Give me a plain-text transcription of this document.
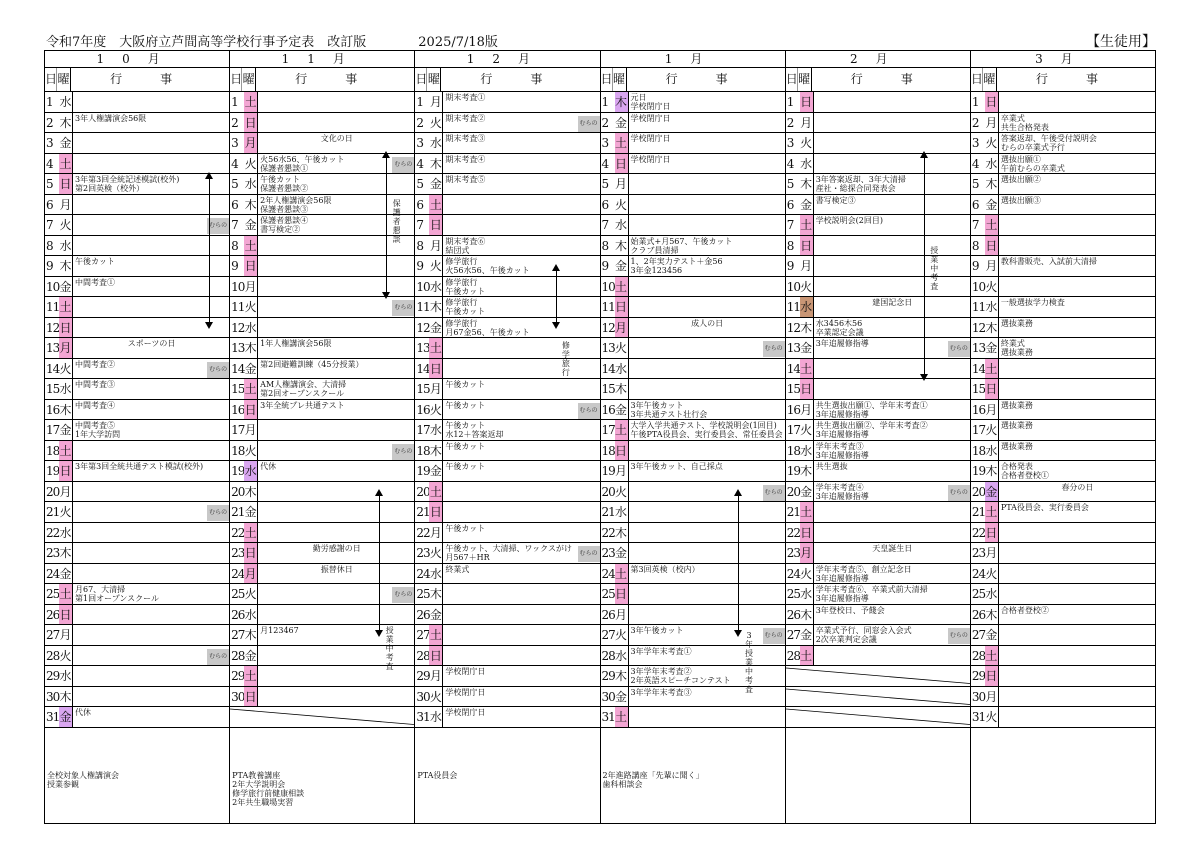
令和7年度　大阪府立芦間高等学校行事予定表　改訂版　　　　2025/7/18版	【生徒用】
10月
日 曜	行事
1 水
2 木 3年人権講演会56限
3 金
4 土
5 日 3年第3回全統記述模試(校外)
第2回英検（校外）
6 月
7 火	むらの
8 水
9 木 午後カット
10 金 中間考査①
11 土
12 日
13 月	スポーツの日
14 火 中間考査②
むらの
15 水 中間考査③
16 木 中間考査④
17 金 中間考査⑤
1年大学訪問
18 土
19 日 3年第3回全統共通テスト模試(校外)
20 月
21 火	むらの
22 水
23 木
24 金
25 土 月67、大清掃
第1回オープンスクール
26 日
27 月
28 火	むらの
29 水
30 木
31 金 代休
全校対象人権講演会
授業参観
11月
日 曜	行事
1 土
2 日
3 月	文化の日
4 火 火56水56、午後カット
保護者懇談①	むらの
5 水 午後カット
保護者懇談②
6 木 2年人権講演会56限
保護者懇談③
7 金 保護者懇談④
書写検定②
8 土
9 日
10 月
11 火	むらの
12 水
13 木 1年人権講演会56限
14 金 第2回避難訓練（45分授業）
15 土 AM人権講演会、大清掃
第2回オープンスクール
16 日 3年全統プレ共通テスト
17 月
18 火	むらの
19 水 代休
20 木
21 金
22 土
23 日	勤労感謝の日
24 月	振替休日
25 火	むらの
26 水
27 木 月123467
28 金
29 土
30 日
PTA教養講座
2年大学説明会
修学旅行前健康相談
2年共生職場実習
保護者懇談
授業中考査
12月
日 曜	行事
1 月 期末考査①
2 火 期末考査②
むらの
3 水 期末考査③
4 木 期末考査④
5 金 期末考査⑤
6 土
7 日
8 月 期末考査⑥
結団式
9 火 修学旅行
火56水56、午後カット
10 水 修学旅行
午後カット
11 木 修学旅行
午後カット
12 金 修学旅行
月67金56、午後カット
13 土
14 日
15 月 午後カット
16 火 午後カット
むらの
17 水 午後カット
水12＋答案返却
18 木 午後カット
19 金 午後カット
20 土
21 日
22 月 午後カット
23 火 午後カット、大清掃、ワックスがけ
月567＋HR	むらの
24 水 終業式
25 木
26 金
27 土
28 日
29 月 学校閉庁日
30 火 学校閉庁日
31 水 学校閉庁日
PTA役員会
修学旅行
1月
日 曜	行事
1 木 元日
学校閉庁日
2 金 学校閉庁日
3 土 学校閉庁日
4 日 学校閉庁日
5 月
6 火
7 水
8 木 始業式+月567、午後カット
クラブ員清掃
9 金 1、2年実力テスト＋金56
3年金123456
10 土
11 日
12 月	成人の日
13 火	むらの
14 水
15 木
16 金 3年午後カット
3年共通テスト壮行会
17 土 大学入学共通テスト、学校説明会(1回目)
午後PTA役員会、実行委員会、常任委員会
18 日
19 月 3年午後カット、自己採点
20 火	むらの
21 水
22 木
23 金
24 土 第3回英検（校内）
25 日
26 月
27 火 3年午後カット
むらの
28 水 3年学年末考査①
29 木 3年学年末考査②
2年英語スピーチコンテスト
30 金 3年学年末考査③
31 土
2年進路講座「先輩に聞く」
歯科相談会
3年授業中考査
2月
日 曜	行事
1 日
2 月
3 火
4 水
5 木 3年答案返却、3年大清掃
産社・総探合同発表会
6 金 書写検定③
7 土 学校説明会(2回目)
8 日
9 月
10 火
11 水	建国記念日
12 木 水3456木56
卒業認定会議
13 金 3年追履修指導
むらの
14 土
15 日
16 月 共生選抜出願①、学年末考査①
3年追履修指導
17 火 共生選抜出願②、学年末考査②
3年追履修指導
18 水 学年末考査③
3年追履修指導
19 木 共生選抜
20 金 学年末考査④
3年追履修指導	むらの
21 土
22 日
23 月	天皇誕生日
24 火 学年末考査⑤、創立記念日
3年追履修指導
25 水 学年末考査⑥、卒業式前大清掃
3年追履修指導
26 木 3年登校日、予餞会
27 金 卒業式予行、同窓会入会式
2次卒業判定会議	むらの
28 土
授業中考査
3月
日 曜	行事
1 日
2 月 卒業式
共生合格発表
3 火 答案返却、午後受付説明会
むらの卒業式予行
4 水 選抜出願①
午前むらの卒業式
5 木 選抜出願②
6 金 選抜出願③
7 土
8 日
9 月 教科書販売、入試前大清掃
10 火
11 水 一般選抜学力検査
12 木 選抜業務
13 金 終業式
選抜業務
14 土
15 日
16 月 選抜業務
17 火 選抜業務
18 水 選抜業務
19 木 合格発表
合格者登校①
20 金	春分の日
21 土 PTA役員会、実行委員会
22 日
23 月
24 火
25 水
26 木 合格者登校②
27 金
28 土
29 日
30 月
31 火
